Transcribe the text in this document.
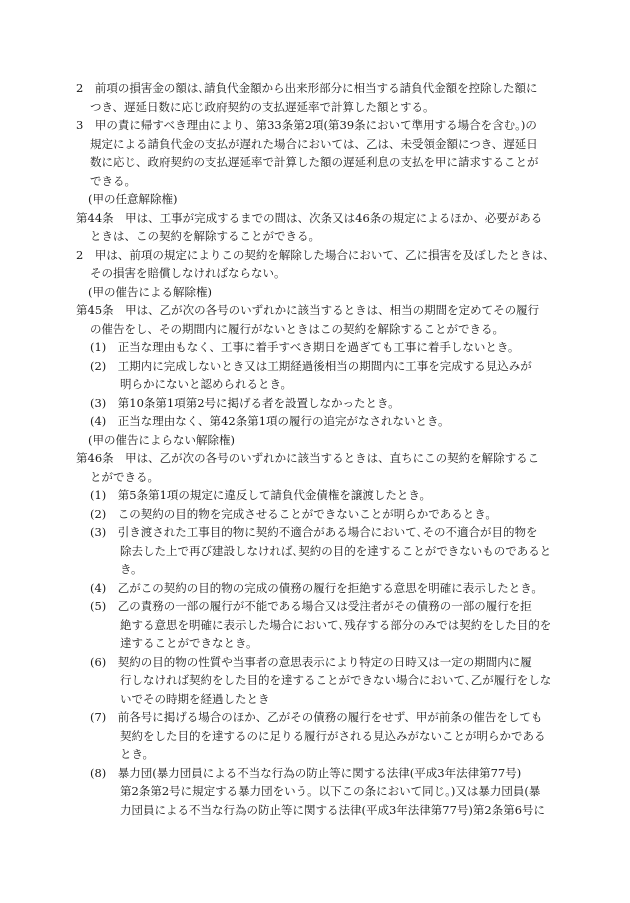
2　前項の損害金の額は､請負代金額から出来形部分に相当する請負代金額を控除した額に
つき、遅延日数に応じ政府契約の支払遅延率で計算した額とする。
3　甲の責に帰すべき理由により、第33条第2項(第39条において準用する場合を含む。)の
規定による請負代金の支払が遅れた場合においては、乙は、未受領金額につき、遅延日
数に応じ、政府契約の支払遅延率で計算した額の遅延利息の支払を甲に請求することが
できる。
(甲の任意解除権)
第44条　甲は、工事が完成するまでの間は、次条又は46条の規定によるほか、必要がある
ときは、この契約を解除することができる。
2　甲は、前項の規定によりこの契約を解除した場合において、乙に損害を及ぼしたときは、
その損害を賠償しなければならない。
(甲の催告による解除権)
第45条　甲は、乙が次の各号のいずれかに該当するときは、相当の期間を定めてその履行
の催告をし、その期間内に履行がないときはこの契約を解除することができる。
(1)　正当な理由もなく、工事に着手すべき期日を過ぎても工事に着手しないとき。
(2)　工期内に完成しないとき又は工期経過後相当の期間内に工事を完成する見込みが
明らかにないと認められるとき。
(3)　第10条第1項第2号に掲げる者を設置しなかったとき。
(4)　正当な理由なく、第42条第1項の履行の追完がなされないとき。
(甲の催告によらない解除権)
第46条　甲は、乙が次の各号のいずれかに該当するときは、直ちにこの契約を解除するこ
とができる。
(1)　第5条第1項の規定に違反して請負代金債権を譲渡したとき。
(2)　この契約の目的物を完成させることができないことが明らかであるとき。
(3)　引き渡された工事目的物に契約不適合がある場合において､その不適合が目的物を
除去した上で再び建設しなければ､契約の目的を達することができないものであると
き。
(4)　乙がこの契約の目的物の完成の債務の履行を拒絶する意思を明確に表示したとき。
(5)　乙の責務の一部の履行が不能である場合又は受注者がその債務の一部の履行を拒
絶する意思を明確に表示した場合において､残存する部分のみでは契約をした目的を
達することができなとき。
(6)　契約の目的物の性質や当事者の意思表示により特定の日時又は一定の期間内に履
行しなければ契約をした目的を達することができない場合において､乙が履行をしな
いでその時期を経過したとき
(7)　前各号に掲げる場合のほか、乙がその債務の履行をせず、甲が前条の催告をしても
契約をした目的を達するのに足りる履行がされる見込みがないことが明らかである
とき。
(8)　暴力団(暴力団員による不当な行為の防止等に関する法律(平成3年法律第77号)
第2条第2号に規定する暴力団をいう。以下この条において同じ。)又は暴力団員(暴
力団員による不当な行為の防止等に関する法律(平成3年法律第77号)第2条第6号に
